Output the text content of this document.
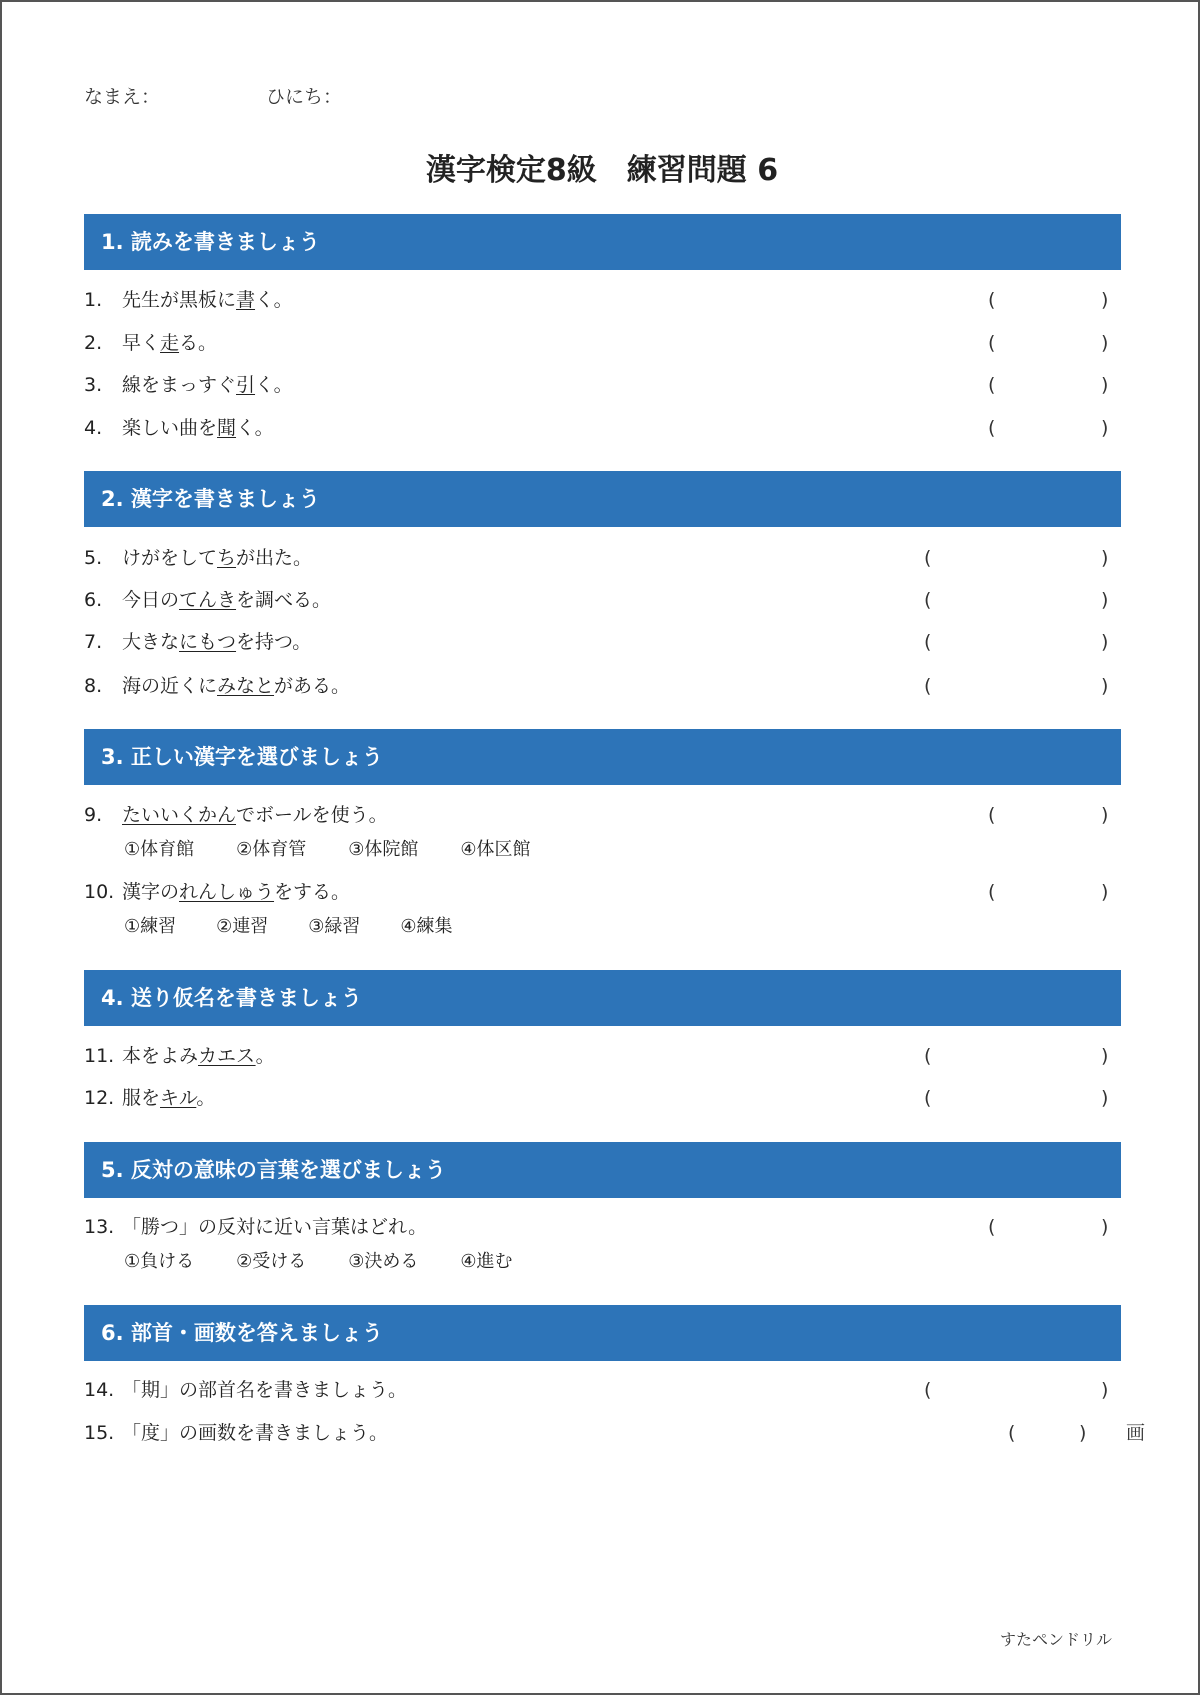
なまえ：	ひにち：
漢字検定8級　練習問題 6
1. 読みを書きましょう
1. 先生が黒板に書く。	(	)
2. 早く走る。	(	)
3. 線をまっすぐ引く。	(	)
4. 楽しい曲を聞く。	(	)
2. 漢字を書きましょう
5. けがをしてちが出た。	(	)
6. 今日のてんきを調べる。	(	)
7. 大きなにもつを持つ。	(	)
8. 海の近くにみなとがある。	(	)
3. 正しい漢字を選びましょう
9. たいいくかんでボールを使う。	(	)
①体育館 ②体育管 ③体院館 ④体区館
10. 漢字のれんしゅうをする。	(	)
①練習 ②連習 ③緑習 ④練集
4. 送り仮名を書きましょう
11. 本をよみカエス。	(	)
12. 服をキル。	(	)
5. 反対の意味の言葉を選びましょう
13. 「勝つ」の反対に近い言葉はどれ。	(	)
①負ける ②受ける ③決める ④進む
6. 部首・画数を答えましょう
14. 「期」の部首名を書きましょう。	(	)
15. 「度」の画数を書きましょう。	(	) 画
すたペンドリル
